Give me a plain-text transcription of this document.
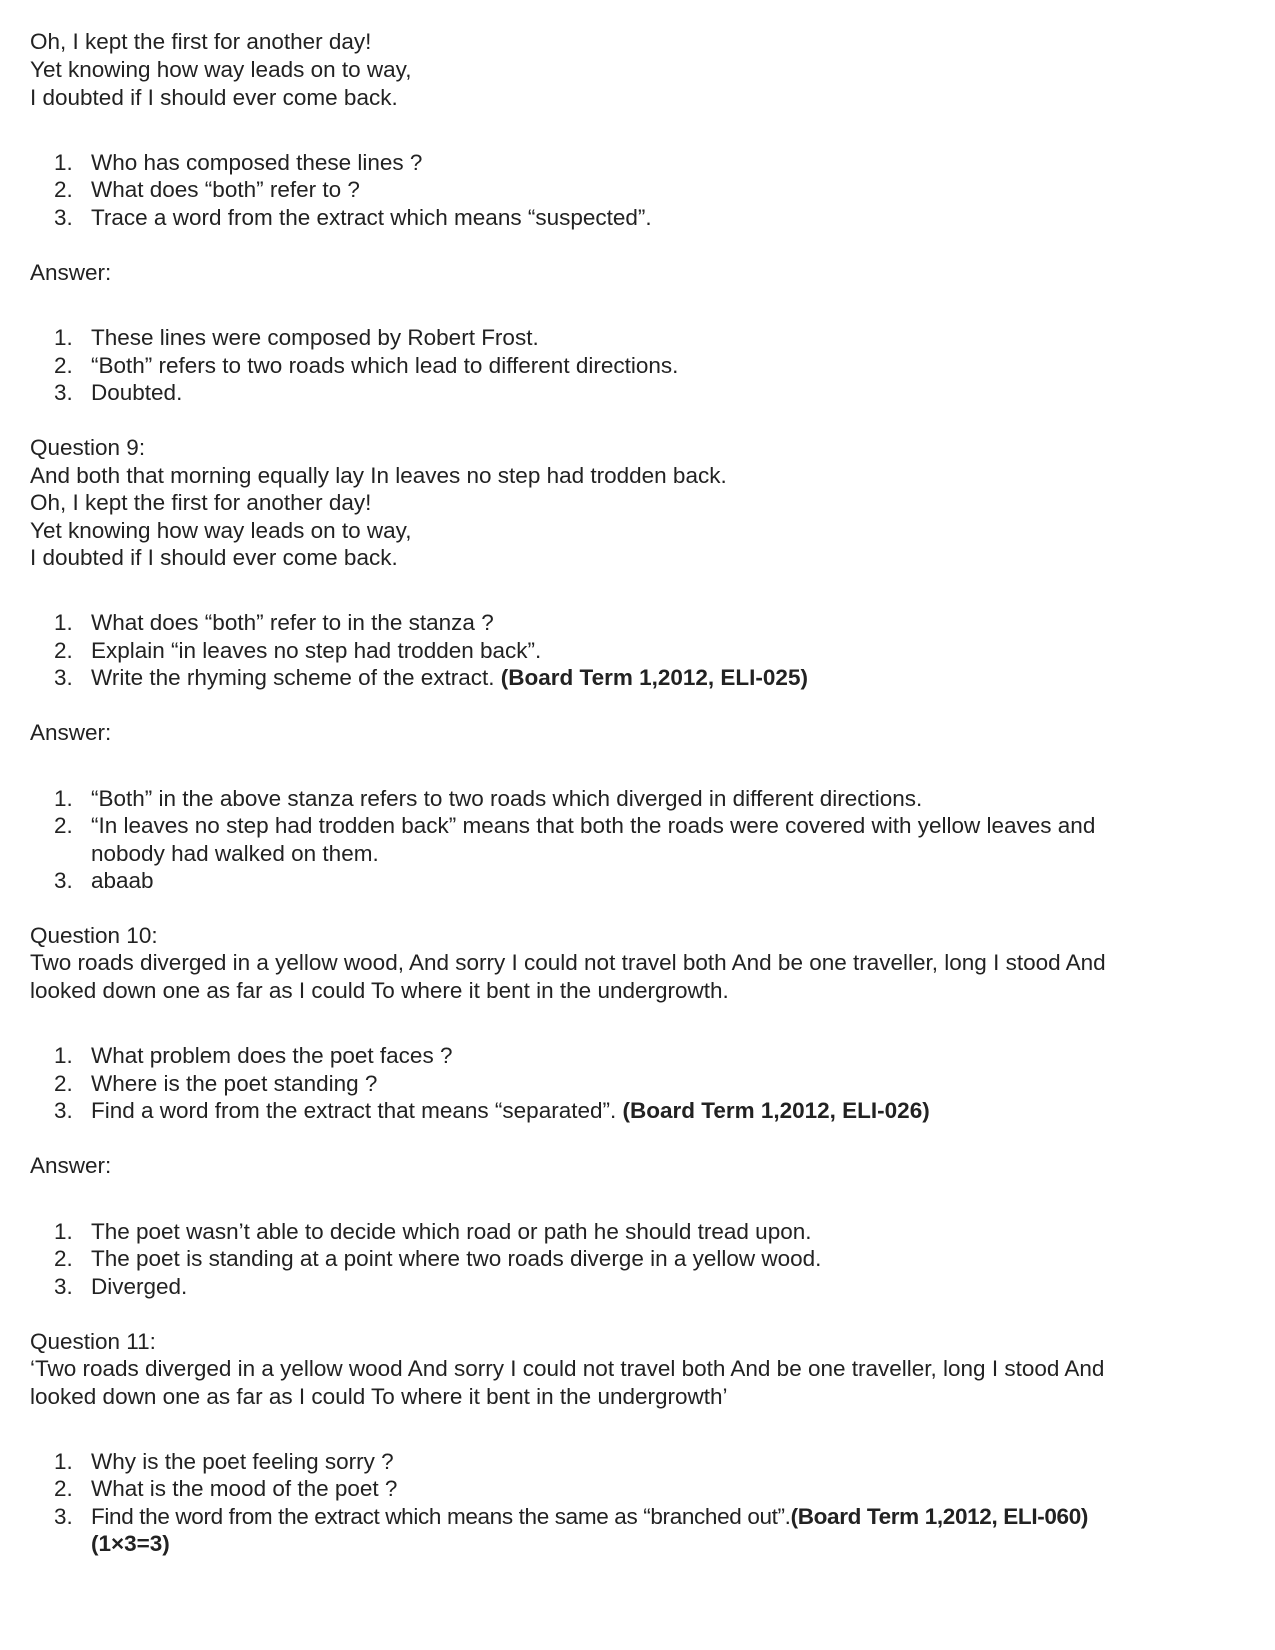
Oh, I kept the first for another day!
Yet knowing how way leads on to way,
I doubted if I should ever come back.
1. Who has composed these lines ?
2. What does “both” refer to ?
3. Trace a word from the extract which means “suspected”.
Answer:
1. These lines were composed by Robert Frost.
2. “Both” refers to two roads which lead to different directions.
3. Doubted.
Question 9:
And both that morning equally lay In leaves no step had trodden back.
Oh, I kept the first for another day!
Yet knowing how way leads on to way,
I doubted if I should ever come back.
1. What does “both” refer to in the stanza ?
2. Explain “in leaves no step had trodden back”.
3. Write the rhyming scheme of the extract. (Board Term 1,2012, ELI-025)
Answer:
1. “Both” in the above stanza refers to two roads which diverged in different directions.
2. “In leaves no step had trodden back” means that both the roads were covered with yellow leaves and
nobody had walked on them.
3. abaab
Question 10:
Two roads diverged in a yellow wood, And sorry I could not travel both And be one traveller, long I stood And
looked down one as far as I could To where it bent in the undergrowth.
1. What problem does the poet faces ?
2. Where is the poet standing ?
3. Find a word from the extract that means “separated”. (Board Term 1,2012, ELI-026)
Answer:
1. The poet wasn’t able to decide which road or path he should tread upon.
2. The poet is standing at a point where two roads diverge in a yellow wood.
3. Diverged.
Question 11:
‘Two roads diverged in a yellow wood And sorry I could not travel both And be one traveller, long I stood And
looked down one as far as I could To where it bent in the undergrowth’
1. Why is the poet feeling sorry ?
2. What is the mood of the poet ?
3. Find the word from the extract which means the same as “branched out”.(Board Term 1,2012, ELI-060)
(1×3=3)
